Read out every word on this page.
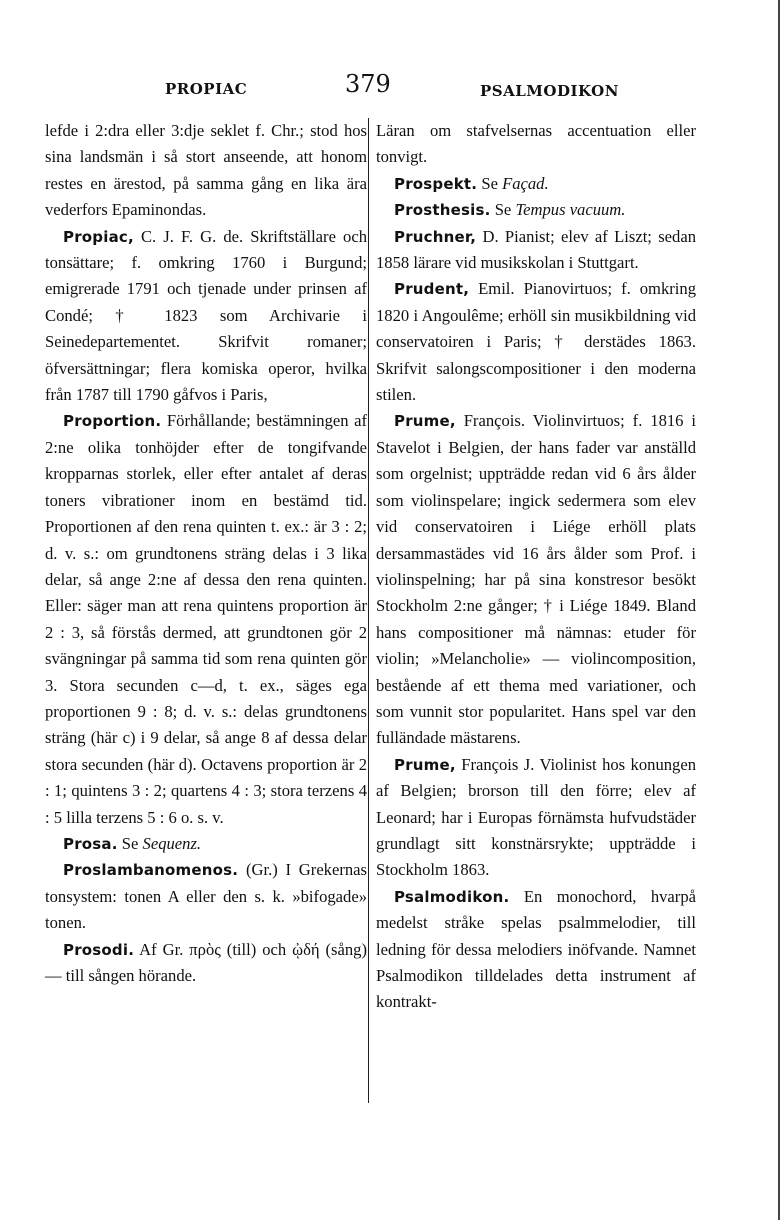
PROPIAC	379	PSALMODIKON

lefde i 2:dra eller 3:dje seklet f. Chr.; stod hos sina landsmän i så stort anseende, att honom restes en ärestod, på samma gång en lika ära vederfors Epaminondas.

Propiac, C. J. F. G. de. Skriftställare och tonsättare; f. omkring 1760 i Burgund; emigrerade 1791 och tjenade under prinsen af Condé; † 1823 som Archivarie i Seinedepartementet. Skrifvit romaner; öfversättningar; flera komiska operor, hvilka från 1787 till 1790 gåfvos i Paris,

Proportion. Förhållande; bestämningen af 2:ne olika tonhöjder efter de tongifvande kropparnas storlek, eller efter antalet af deras toners vibrationer inom en bestämd tid. Proportionen af den rena quinten t. ex.: är 3 : 2; d. v. s.: om grundtonens sträng delas i 3 lika delar, så ange 2:ne af dessa den rena quinten. Eller: säger man att rena quintens proportion är 2 : 3, så förstås dermed, att grundtonen gör 2 svängningar på samma tid som rena quinten gör 3. Stora secunden c—d, t. ex., säges ega proportionen 9 : 8; d. v. s.: delas grundtonens sträng (här c) i 9 delar, så ange 8 af dessa delar stora secunden (här d). Octavens proportion är 2 : 1; quintens 3 : 2; quartens 4 : 3; stora terzens 4 : 5 lilla terzens 5 : 6 o. s. v.

Prosa. Se Sequenz.

Proslambanomenos. (Gr.) I Grekernas tonsystem: tonen A eller den s. k. »bifogade» tonen.

Prosodi. Af Gr. πρὸς (till) och ᾠδή (sång) — till sången hörande.

Läran om stafvelsernas accentuation eller tonvigt.

Prospekt. Se Façad.

Prosthesis. Se Tempus vacuum.

Pruchner, D. Pianist; elev af Liszt; sedan 1858 lärare vid musikskolan i Stuttgart.

Prudent, Emil. Pianovirtuos; f. omkring 1820 i Angoulême; erhöll sin musikbildning vid conservatoiren i Paris; † derstädes 1863. Skrifvit salongscompositioner i den moderna stilen.

Prume, François. Violinvirtuos; f. 1816 i Stavelot i Belgien, der hans fader var anställd som orgelnist; uppträdde redan vid 6 års ålder som violinspelare; ingick sedermera som elev vid conservatoiren i Liége erhöll plats dersammastädes vid 16 års ålder som Prof. i violinspelning; har på sina konstresor besökt Stockholm 2:ne gånger; † i Liége 1849. Bland hans compositioner må nämnas: etuder för violin; »Melancholie» — violincomposition, bestående af ett thema med variationer, och som vunnit stor popularitet. Hans spel var den fulländade mästarens.

Prume, François J. Violinist hos konungen af Belgien; brorson till den förre; elev af Leonard; har i Europas förnämsta hufvudstäder grundlagt sitt konstnärsrykte; uppträdde i Stockholm 1863.

Psalmodikon. En monochord, hvarpå medelst stråke spelas psalmmelodier, till ledning för dessa melodiers inöfvande. Namnet Psalmodikon tilldelades detta instrument af kontrakt-
